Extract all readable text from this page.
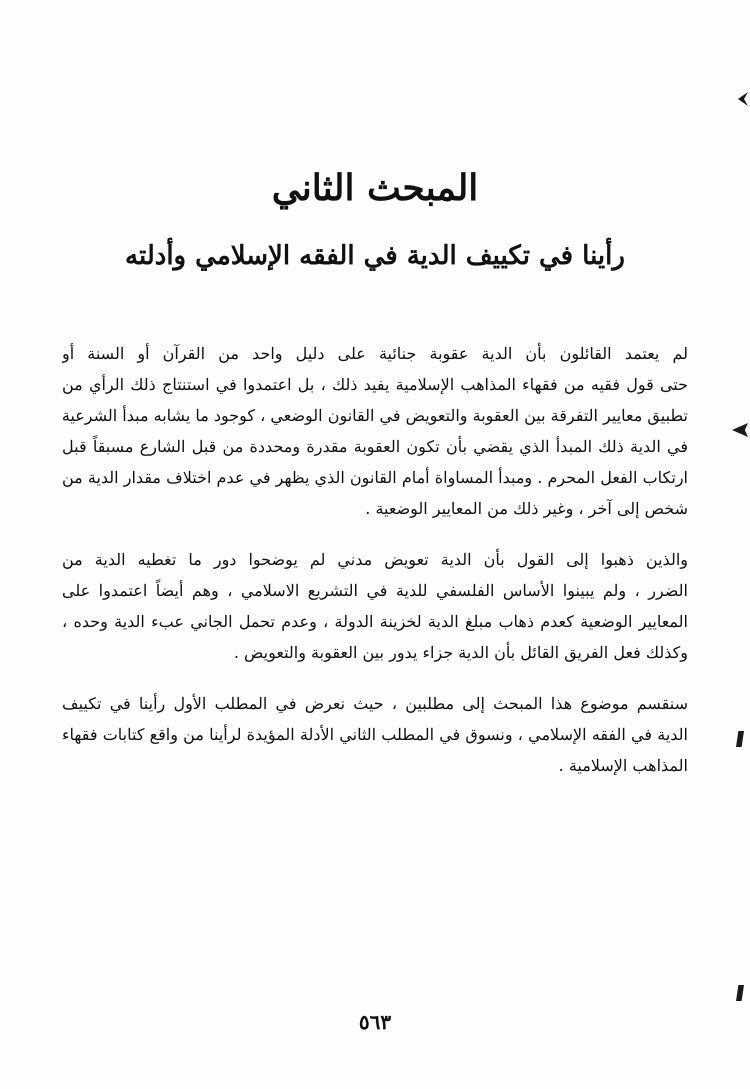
المبحث الثاني
رأينا في تكييف الدية في الفقه الإسلامي وأدلته
لم يعتمد القائلون بأن الدية عقوبة جنائية على دليل واحد من القرآن أو السنة أو
حتى قول فقيه من فقهاء المذاهب الإسلامية يفيد ذلك ، بل اعتمدوا في استنتاج ذلك الرأي من
تطبيق معايير التفرقة بين العقوبة والتعويض في القانون الوضعي ، كوجود ما يشابه مبدأ الشرعية
في الدية ذلك المبدأ الذي يقضي بأن تكون العقوبة مقدرة ومحددة من قبل الشارع مسبقاً قبل
ارتكاب الفعل المحرم . ومبدأ المساواة أمام القانون الذي يظهر في عدم اختلاف مقدار الدية من
شخص إلى آخر ، وغير ذلك من المعايير الوضعية .
والذين ذهبوا إلى القول بأن الدية تعويض مدني لم يوضحوا دور ما تغطيه الدية من
الضرر ، ولم يبينوا الأساس الفلسفي للدية في التشريع الاسلامي ، وهم أيضاً اعتمدوا على
المعايير الوضعية كعدم ذهاب مبلغ الدية لخزينة الدولة ، وعدم تحمل الجاني عبء الدية وحده ،
وكذلك فعل الفريق القائل بأن الدية جزاء يدور بين العقوبة والتعويض .
سنقسم موضوع هذا المبحث إلى مطلبين ، حيث نعرض في المطلب الأول رأينا في تكييف
الدية في الفقه الإسلامي ، ونسوق في المطلب الثاني الأدلة المؤيدة لرأينا من واقع كتابات فقهاء
المذاهب الإسلامية .
٥٦٣
